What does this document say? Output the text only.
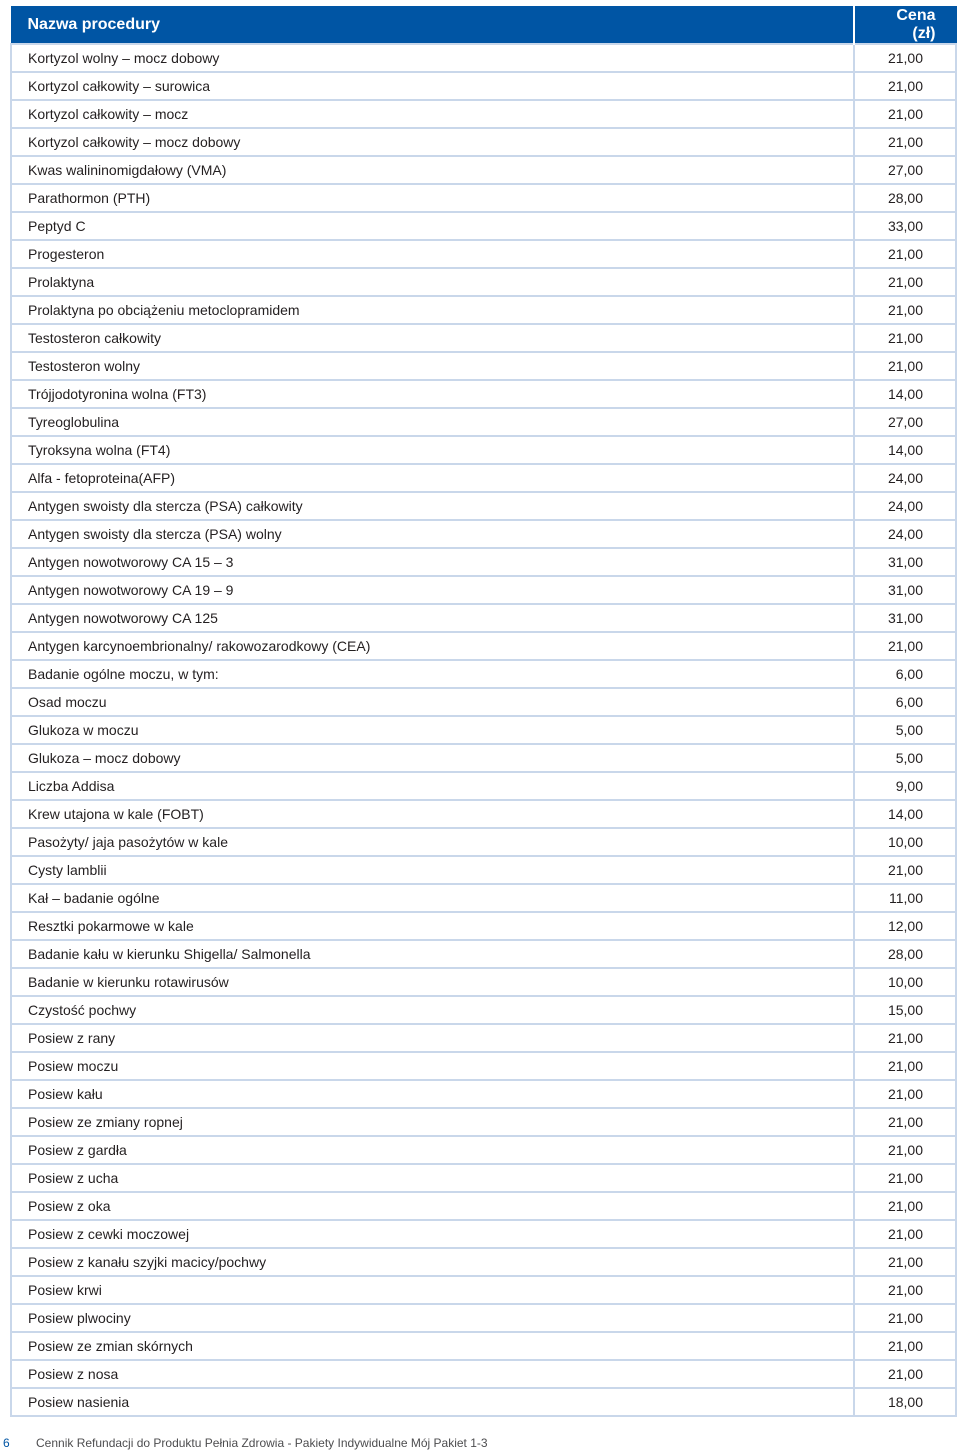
Nazwa procedury	Cena (zł)
Kortyzol wolny – mocz dobowy	21,00
Kortyzol całkowity – surowica	21,00
Kortyzol całkowity – mocz	21,00
Kortyzol całkowity – mocz dobowy	21,00
Kwas walininomigdałowy (VMA)	27,00
Parathormon (PTH)	28,00
Peptyd C	33,00
Progesteron	21,00
Prolaktyna	21,00
Prolaktyna po obciążeniu metoclopramidem	21,00
Testosteron całkowity	21,00
Testosteron wolny	21,00
Trójjodotyronina wolna (FT3)	14,00
Tyreoglobulina	27,00
Tyroksyna wolna (FT4)	14,00
Alfa - fetoproteina(AFP)	24,00
Antygen swoisty dla stercza (PSA) całkowity	24,00
Antygen swoisty dla stercza (PSA) wolny	24,00
Antygen nowotworowy CA 15 – 3	31,00
Antygen nowotworowy CA 19 – 9	31,00
Antygen nowotworowy CA 125	31,00
Antygen karcynoembrionalny/ rakowozarodkowy (CEA)	21,00
Badanie ogólne moczu, w tym:	6,00
Osad moczu	6,00
Glukoza w moczu	5,00
Glukoza – mocz dobowy	5,00
Liczba Addisa	9,00
Krew utajona w kale (FOBT)	14,00
Pasożyty/ jaja pasożytów w kale	10,00
Cysty lamblii	21,00
Kał – badanie ogólne	11,00
Resztki pokarmowe w kale	12,00
Badanie kału w kierunku Shigella/ Salmonella	28,00
Badanie w kierunku rotawirusów	10,00
Czystość pochwy	15,00
Posiew z rany	21,00
Posiew moczu	21,00
Posiew kału	21,00
Posiew ze zmiany ropnej	21,00
Posiew z gardła	21,00
Posiew z ucha	21,00
Posiew z oka	21,00
Posiew z cewki moczowej	21,00
Posiew z kanału szyjki macicy/pochwy	21,00
Posiew krwi	21,00
Posiew plwociny	21,00
Posiew ze zmian skórnych	21,00
Posiew z nosa	21,00
Posiew nasienia	18,00
6 Cennik Refundacji do Produktu Pełnia Zdrowia - Pakiety Indywidualne Mój Pakiet 1-3
